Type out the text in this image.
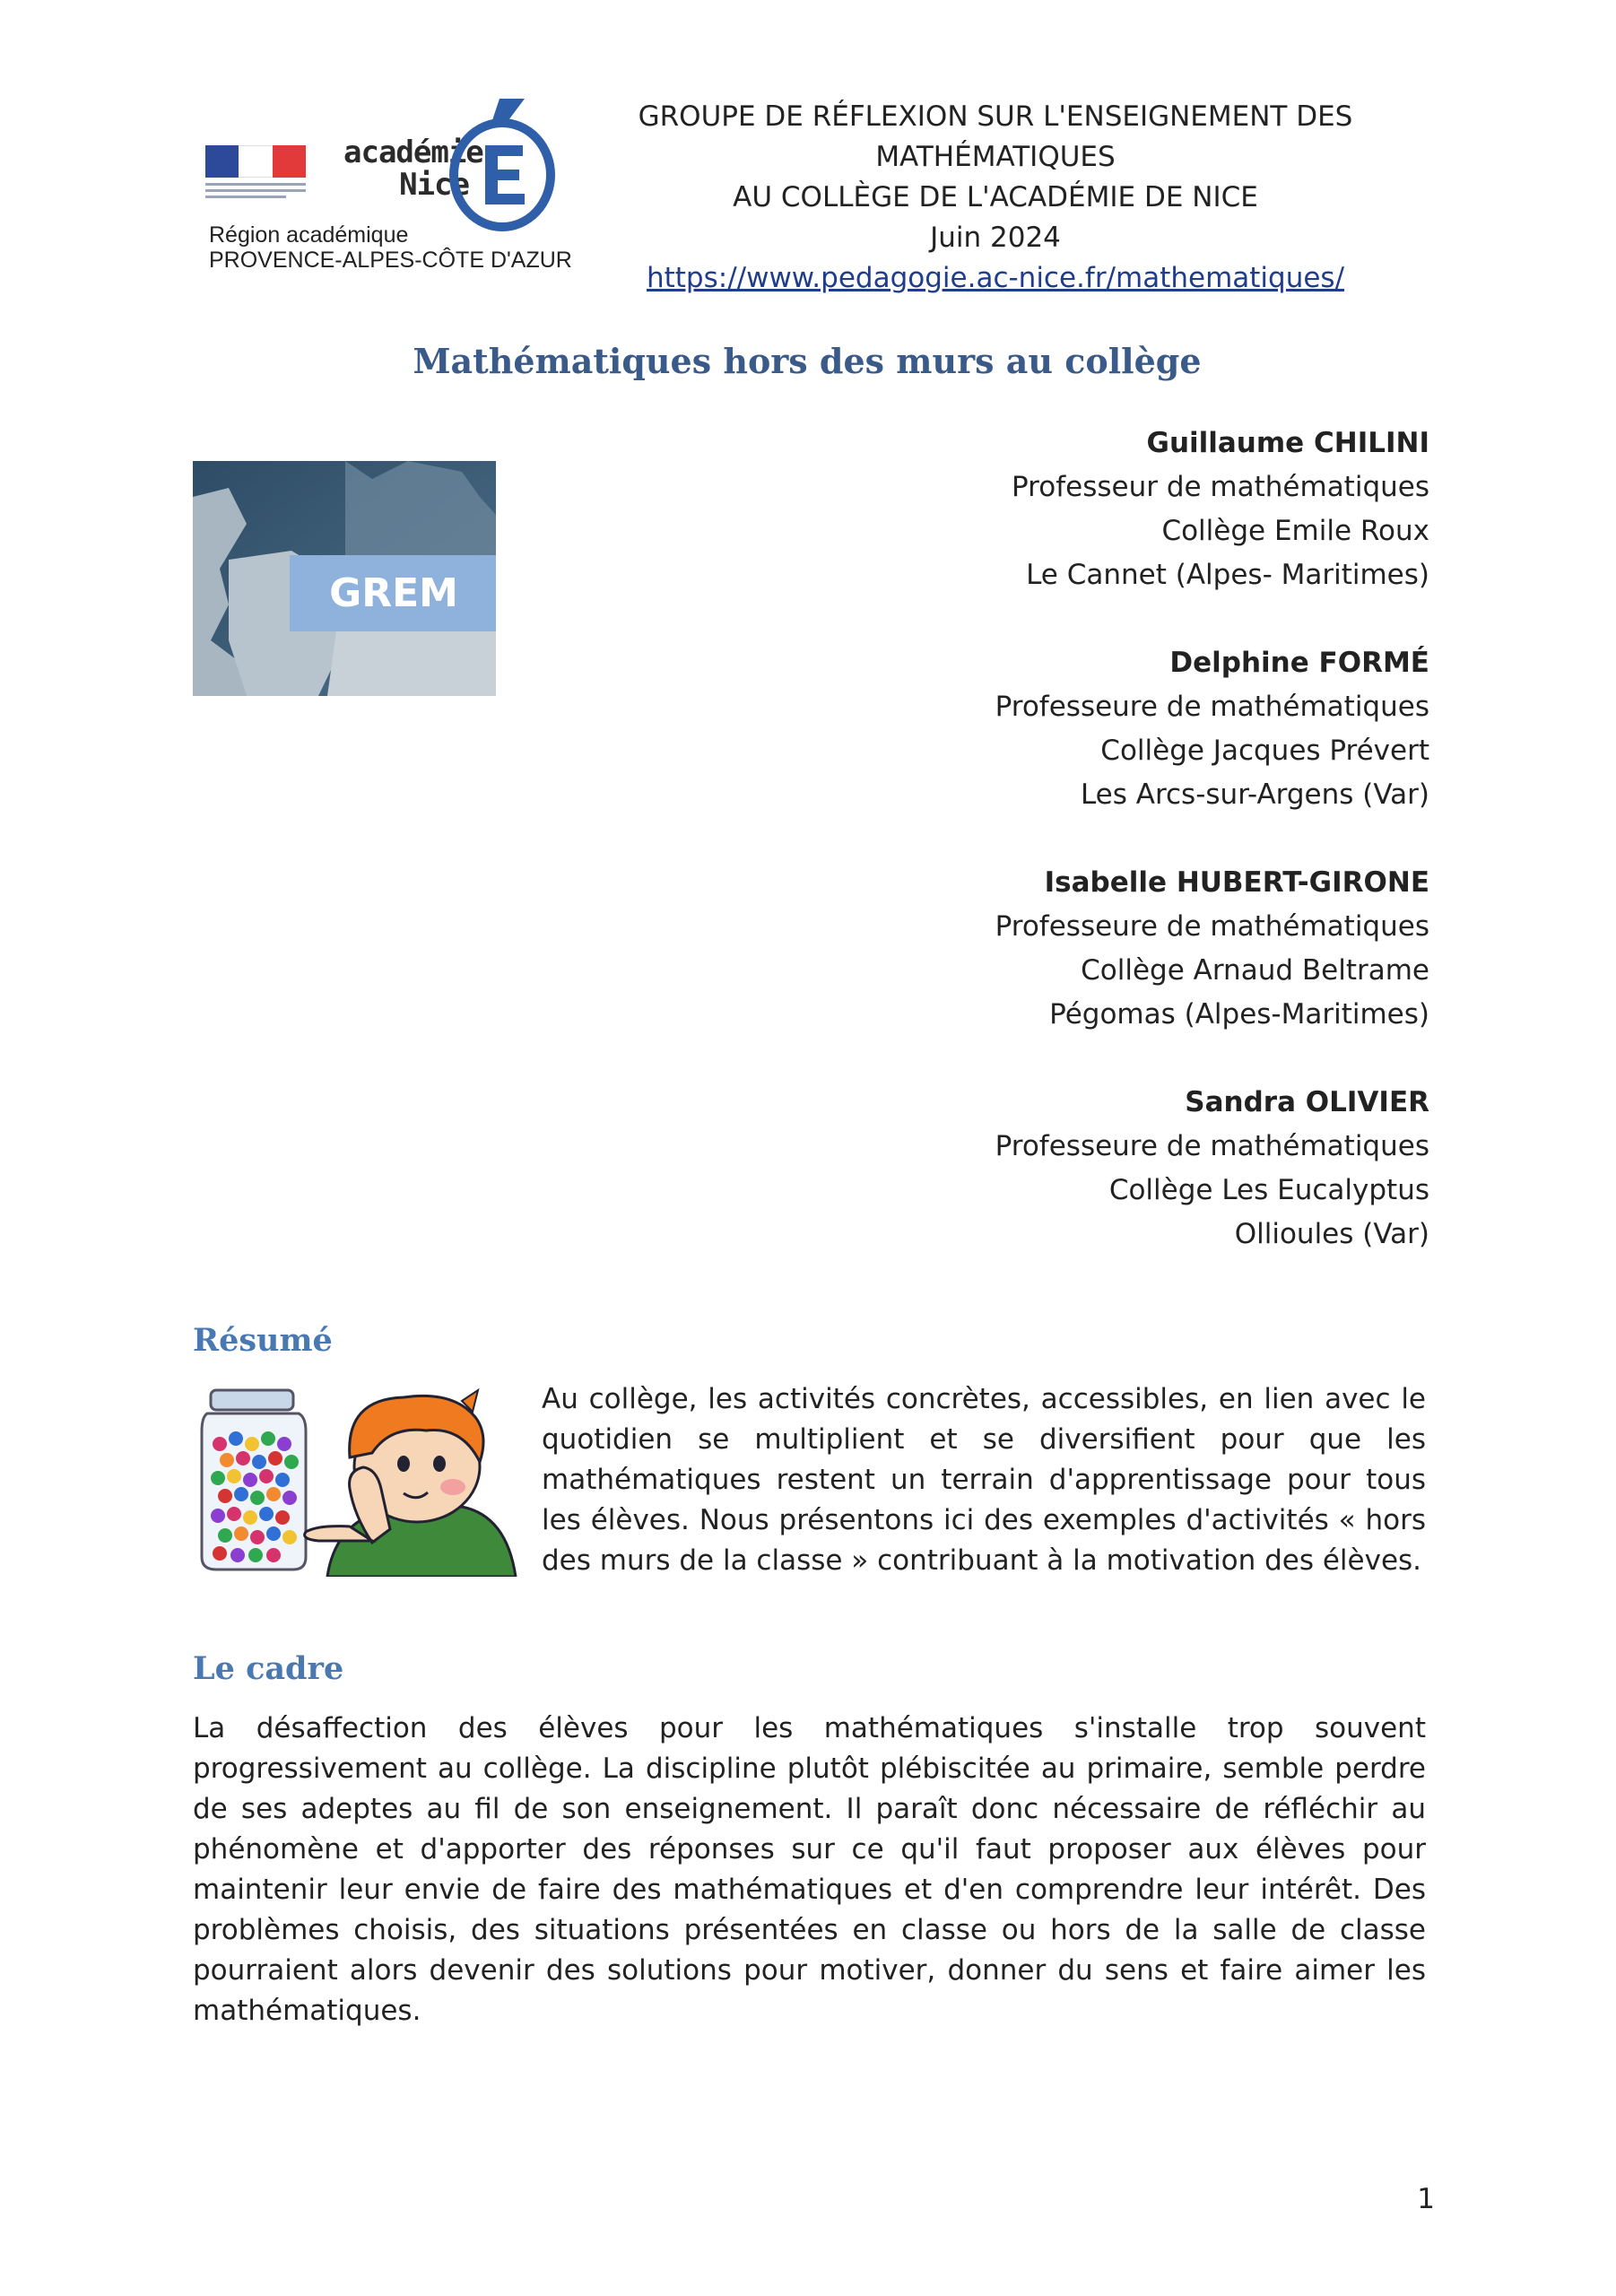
académie
Nice
Région académique
PROVENCE-ALPES-CÔTE D'AZUR
GROUPE DE RÉFLEXION SUR L'ENSEIGNEMENT DES
MATHÉMATIQUES
AU COLLÈGE DE L'ACADÉMIE DE NICE
Juin 2024
https://www.pedagogie.ac-nice.fr/mathematiques/
Mathématiques hors des murs au collège
GREM
Guillaume CHILINI
Professeur de mathématiques
Collège Emile Roux
Le Cannet (Alpes- Maritimes)
Delphine FORMÉ
Professeure de mathématiques
Collège Jacques Prévert
Les Arcs-sur-Argens (Var)
Isabelle HUBERT-GIRONE
Professeure de mathématiques
Collège Arnaud Beltrame
Pégomas (Alpes-Maritimes)
Sandra OLIVIER
Professeure de mathématiques
Collège Les Eucalyptus
Ollioules (Var)
Résumé
Au collège, les activités concrètes, accessibles, en lien avec le quotidien se multiplient et se diversifient pour que les mathématiques restent un terrain d'apprentissage pour tous les élèves. Nous présentons ici des exemples d'activités « hors des murs de la classe » contribuant à la motivation des élèves.
Le cadre
La désaffection des élèves pour les mathématiques s'installe trop souvent progressivement au collège. La discipline plutôt plébiscitée au primaire, semble perdre de ses adeptes au fil de son enseignement. Il paraît donc nécessaire de réfléchir au phénomène et d'apporter des réponses sur ce qu'il faut proposer aux élèves pour maintenir leur envie de faire des mathématiques et d'en comprendre leur intérêt. Des problèmes choisis, des situations présentées en classe ou hors de la salle de classe pourraient alors devenir des solutions pour motiver, donner du sens et faire aimer les mathématiques.
1
